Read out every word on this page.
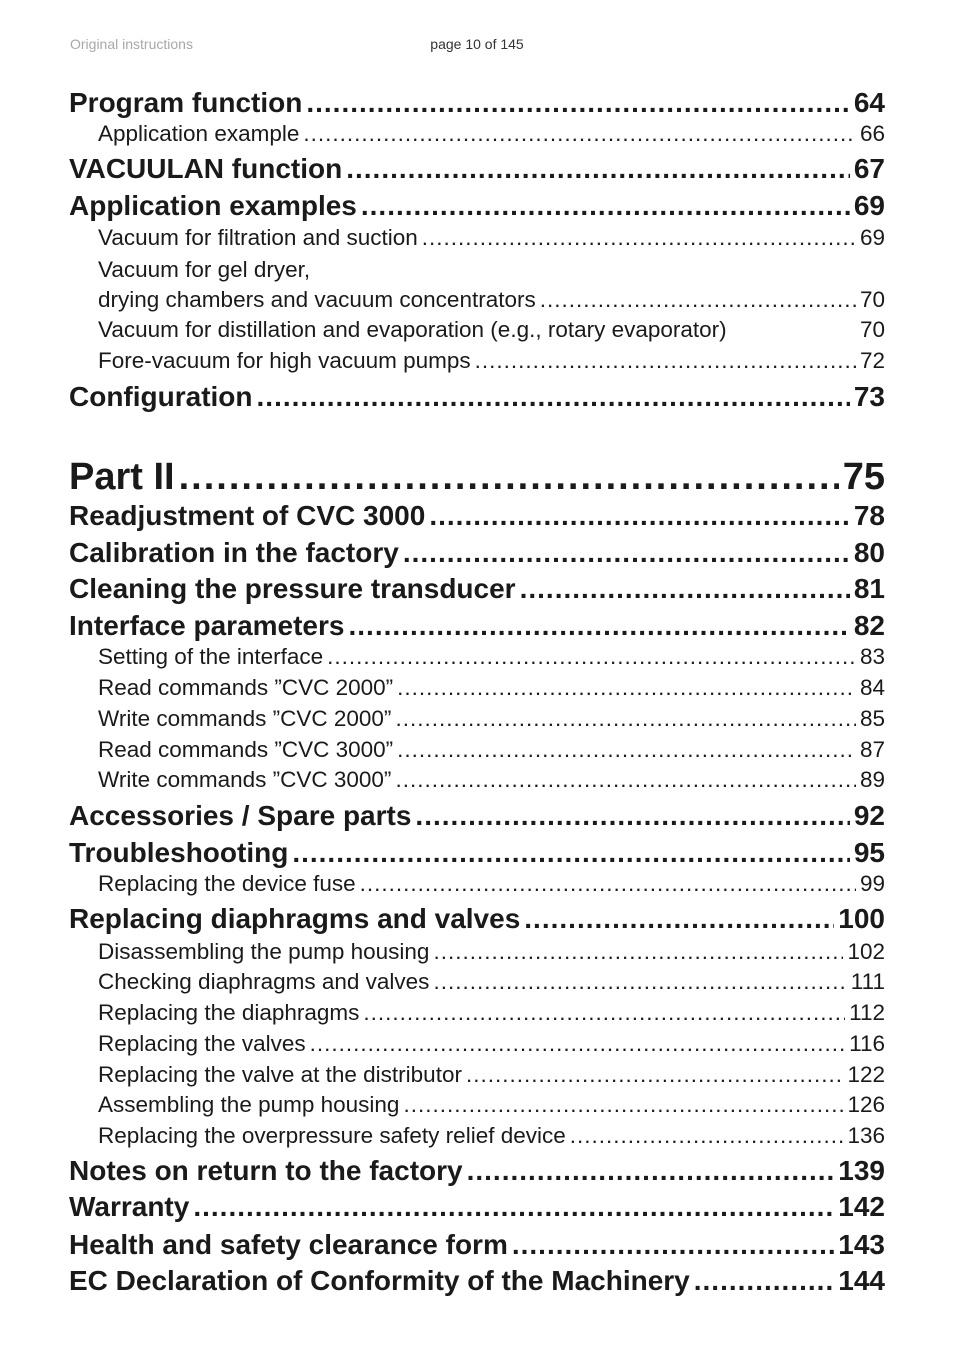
Original instructions	page 10 of 145
Program function .....	64
Application example .....	66
VACUULAN function .....	67
Application examples .....	69
Vacuum for filtration and suction .....	69
Vacuum for gel dryer,
drying chambers and vacuum concentrators .....	70
Vacuum for distillation and evaporation (e.g., rotary evaporator)	70
Fore-vacuum for high vacuum pumps .....	72
Configuration .....	73
Part II .....	75
Readjustment of CVC 3000 .....	78
Calibration in the factory .....	80
Cleaning the pressure transducer .....	81
Interface parameters .....	82
Setting of the interface .....	83
Read commands ”CVC 2000” .....	84
Write commands ”CVC 2000” .....	85
Read commands ”CVC 3000” .....	87
Write commands ”CVC 3000” .....	89
Accessories / Spare parts .....	92
Troubleshooting .....	95
Replacing the device fuse .....	99
Replacing diaphragms and valves .....	100
Disassembling the pump housing .....	102
Checking diaphragms and valves .....	111
Replacing the diaphragms .....	112
Replacing the valves .....	116
Replacing the valve at the distributor .....	122
Assembling the pump housing .....	126
Replacing the overpressure safety relief device .....	136
Notes on return to the factory .....	139
Warranty .....	142
Health and safety clearance form .....	143
EC Declaration of Conformity of the Machinery .....	144
